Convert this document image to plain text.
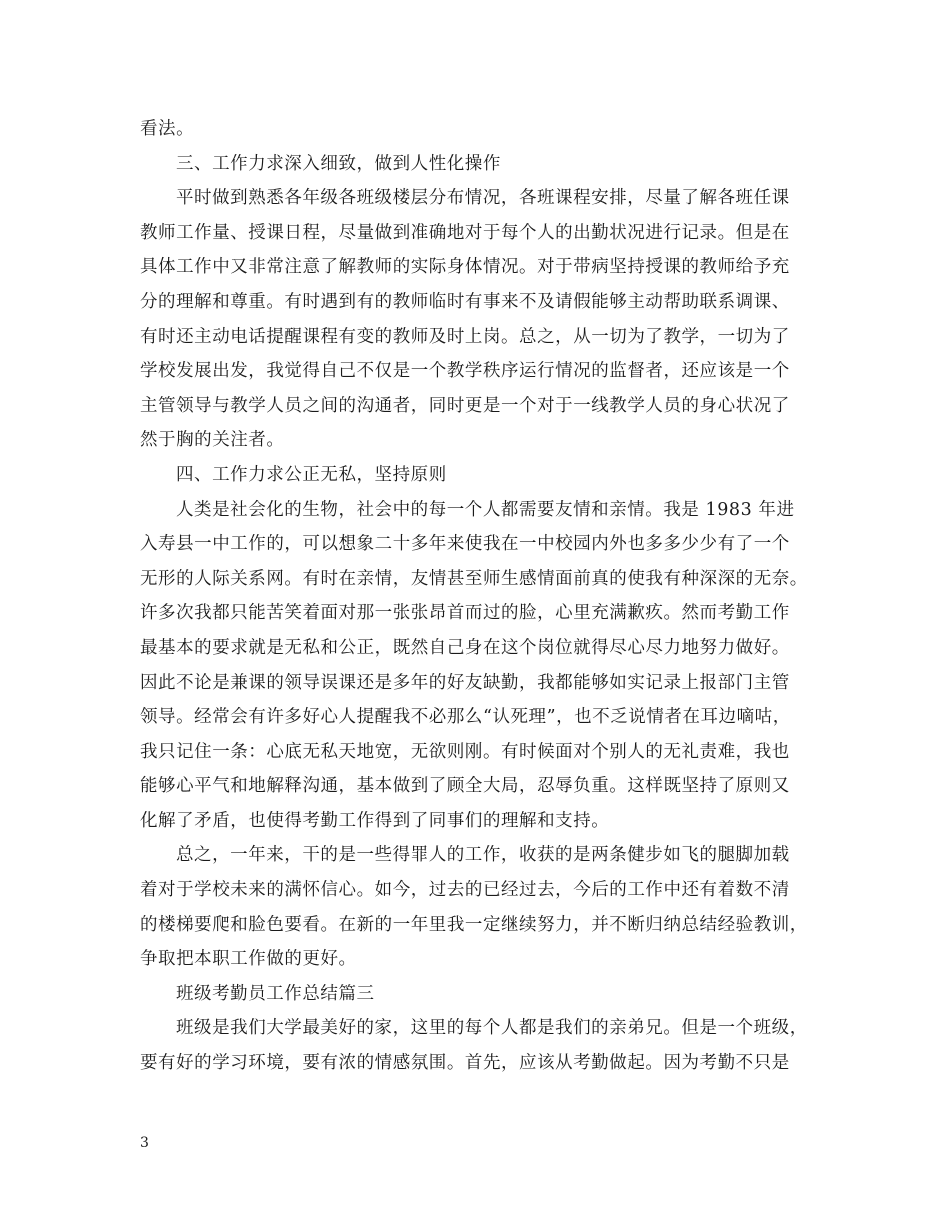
看法。
三、工作力求深入细致，做到人性化操作
平时做到熟悉各年级各班级楼层分布情况，各班课程安排，尽量了解各班任课
教师工作量、授课日程，尽量做到准确地对于每个人的出勤状况进行记录。但是在
具体工作中又非常注意了解教师的实际身体情况。对于带病坚持授课的教师给予充
分的理解和尊重。有时遇到有的教师临时有事来不及请假能够主动帮助联系调课、
有时还主动电话提醒课程有变的教师及时上岗。总之，从一切为了教学，一切为了
学校发展出发，我觉得自己不仅是一个教学秩序运行情况的监督者，还应该是一个
主管领导与教学人员之间的沟通者，同时更是一个对于一线教学人员的身心状况了
然于胸的关注者。
四、工作力求公正无私，坚持原则
人类是社会化的生物，社会中的每一个人都需要友情和亲情。我是 1983 年进
入寿县一中工作的，可以想象二十多年来使我在一中校园内外也多多少少有了一个
无形的人际关系网。有时在亲情，友情甚至师生感情面前真的使我有种深深的无奈。
许多次我都只能苦笑着面对那一张张昂首而过的脸，心里充满歉疚。然而考勤工作
最基本的要求就是无私和公正，既然自己身在这个岗位就得尽心尽力地努力做好。
因此不论是兼课的领导误课还是多年的好友缺勤，我都能够如实记录上报部门主管
领导。经常会有许多好心人提醒我不必那么“认死理”，也不乏说情者在耳边嘀咕，
我只记住一条：心底无私天地宽，无欲则刚。有时候面对个别人的无礼责难，我也
能够心平气和地解释沟通，基本做到了顾全大局，忍辱负重。这样既坚持了原则又
化解了矛盾，也使得考勤工作得到了同事们的理解和支持。
总之，一年来，干的是一些得罪人的工作，收获的是两条健步如飞的腿脚加载
着对于学校未来的满怀信心。如今，过去的已经过去，今后的工作中还有着数不清
的楼梯要爬和脸色要看。在新的一年里我一定继续努力，并不断归纳总结经验教训，
争取把本职工作做的更好。
班级考勤员工作总结篇三
班级是我们大学最美好的家，这里的每个人都是我们的亲弟兄。但是一个班级，
要有好的学习环境，要有浓的情感氛围。首先，应该从考勤做起。因为考勤不只是
3
